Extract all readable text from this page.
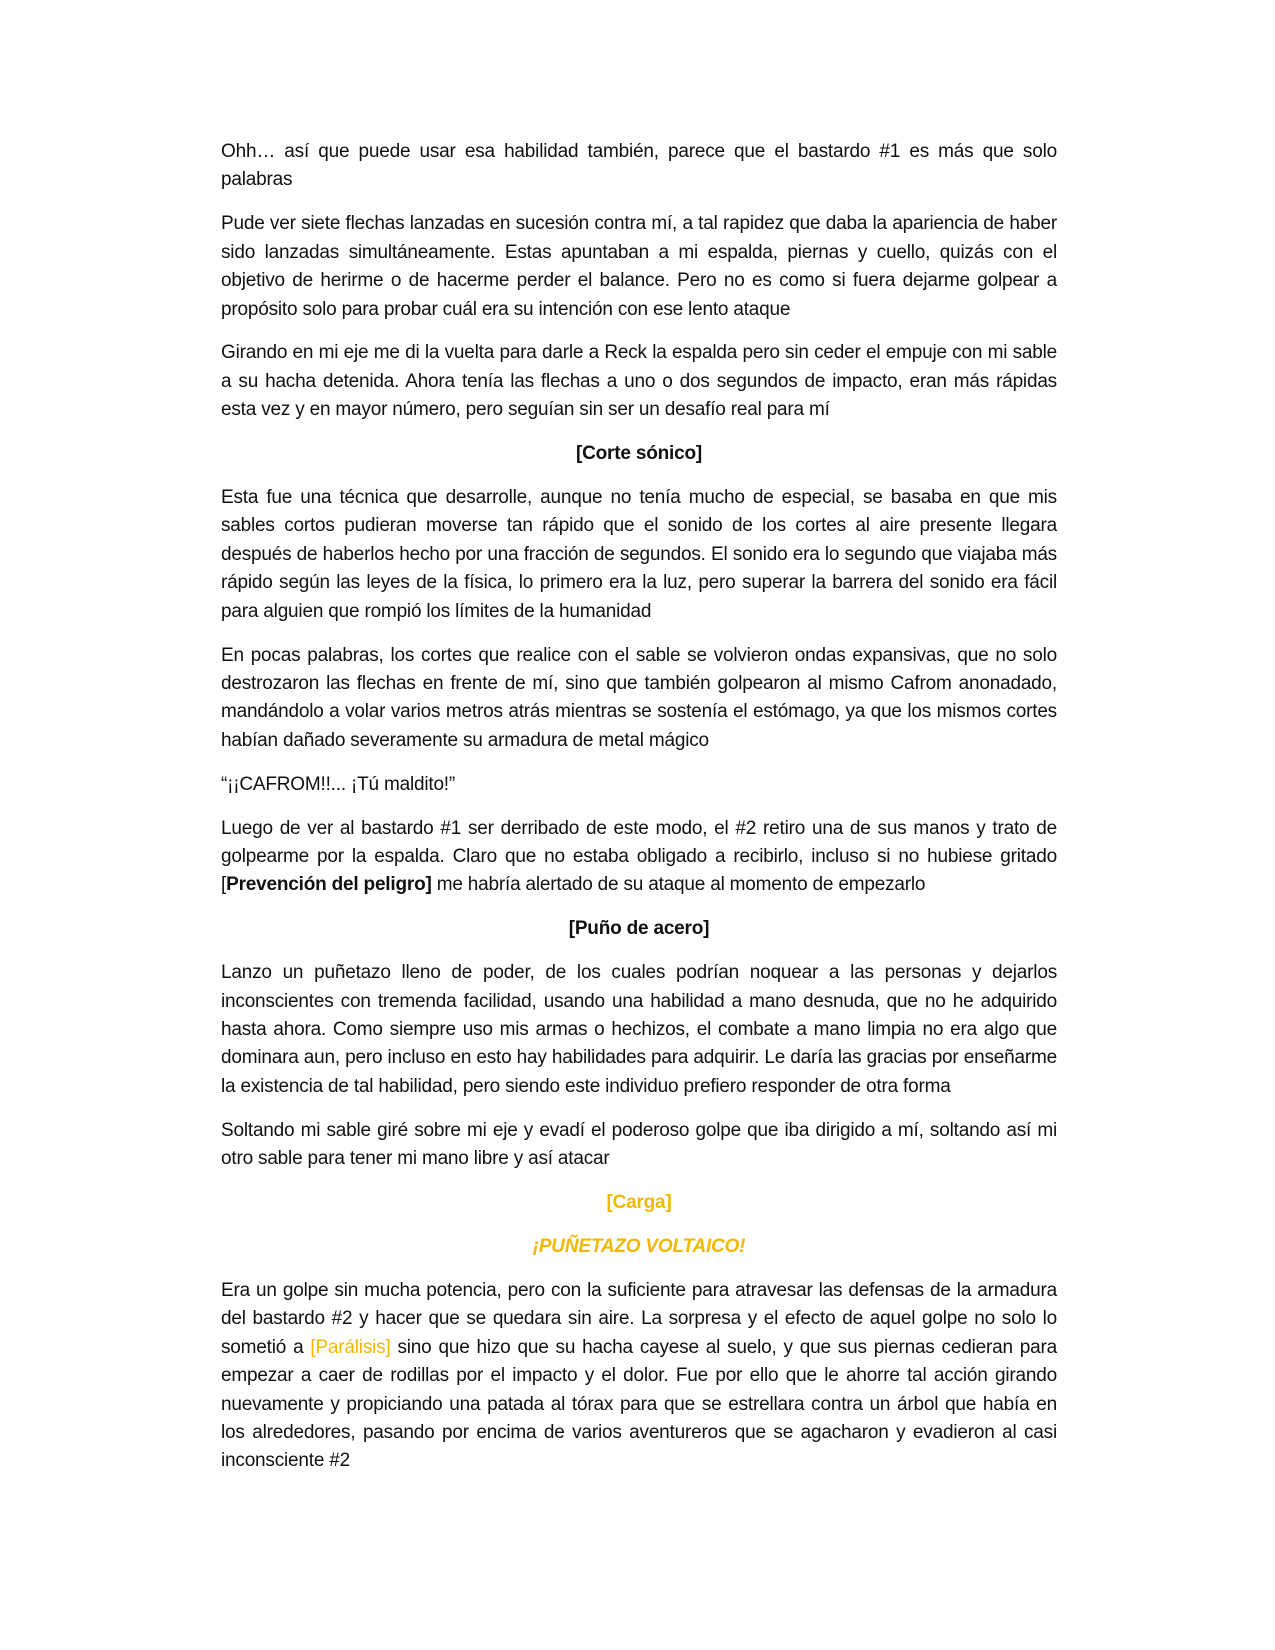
Ohh… así que puede usar esa habilidad también, parece que el bastardo #1 es más que solo palabras

Pude ver siete flechas lanzadas en sucesión contra mí, a tal rapidez que daba la apariencia de haber sido lanzadas simultáneamente. Estas apuntaban a mi espalda, piernas y cuello, quizás con el objetivo de herirme o de hacerme perder el balance. Pero no es como si fuera dejarme golpear a propósito solo para probar cuál era su intención con ese lento ataque

Girando en mi eje me di la vuelta para darle a Reck la espalda pero sin ceder el empuje con mi sable a su hacha detenida. Ahora tenía las flechas a uno o dos segundos de impacto, eran más rápidas esta vez y en mayor número, pero seguían sin ser un desafío real para mí

[Corte sónico]

Esta fue una técnica que desarrolle, aunque no tenía mucho de especial, se basaba en que mis sables cortos pudieran moverse tan rápido que el sonido de los cortes al aire presente llegara después de haberlos hecho por una fracción de segundos. El sonido era lo segundo que viajaba más rápido según las leyes de la física, lo primero era la luz, pero superar la barrera del sonido era fácil para alguien que rompió los límites de la humanidad

En pocas palabras, los cortes que realice con el sable se volvieron ondas expansivas, que no solo destrozaron las flechas en frente de mí, sino que también golpearon al mismo Cafrom anonadado, mandándolo a volar varios metros atrás mientras se sostenía el estómago, ya que los mismos cortes habían dañado severamente su armadura de metal mágico

“¡¡CAFROM!!... ¡Tú maldito!”

Luego de ver al bastardo #1 ser derribado de este modo, el #2 retiro una de sus manos y trato de golpearme por la espalda. Claro que no estaba obligado a recibirlo, incluso si no hubiese gritado [Prevención del peligro] me habría alertado de su ataque al momento de empezarlo

[Puño de acero]

Lanzo un puñetazo lleno de poder, de los cuales podrían noquear a las personas y dejarlos inconscientes con tremenda facilidad, usando una habilidad a mano desnuda, que no he adquirido hasta ahora. Como siempre uso mis armas o hechizos, el combate a mano limpia no era algo que dominara aun, pero incluso en esto hay habilidades para adquirir. Le daría las gracias por enseñarme la existencia de tal habilidad, pero siendo este individuo prefiero responder de otra forma

Soltando mi sable giré sobre mi eje y evadí el poderoso golpe que iba dirigido a mí, soltando así mi otro sable para tener mi mano libre y así atacar

[Carga]

¡PUÑETAZO VOLTAICO!

Era un golpe sin mucha potencia, pero con la suficiente para atravesar las defensas de la armadura del bastardo #2 y hacer que se quedara sin aire. La sorpresa y el efecto de aquel golpe no solo lo sometió a [Parálisis] sino que hizo que su hacha cayese al suelo, y que sus piernas cedieran para empezar a caer de rodillas por el impacto y el dolor. Fue por ello que le ahorre tal acción girando nuevamente y propiciando una patada al tórax para que se estrellara contra un árbol que había en los alrededores, pasando por encima de varios aventureros que se agacharon y evadieron al casi inconsciente #2
